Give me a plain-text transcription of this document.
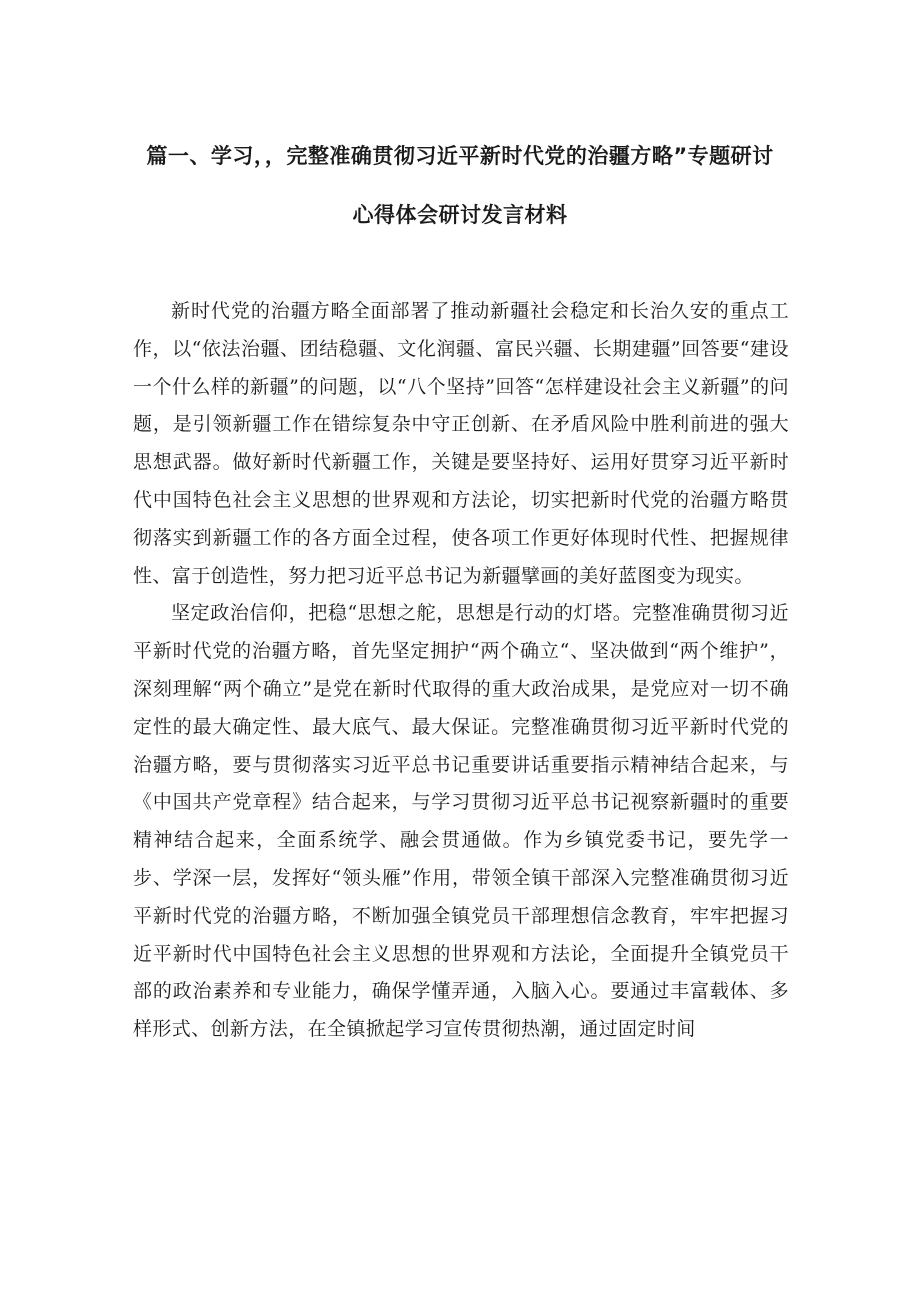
篇一、学习，，完整准确贯彻习近平新时代党的治疆方略”专题研讨
心得体会研讨发言材料

新时代党的治疆方略全面部署了推动新疆社会稳定和长治久安的重点工作，以“依法治疆、团结稳疆、文化润疆、富民兴疆、长期建疆”回答要“建设一个什么样的新疆”的问题，以“八个坚持”回答“怎样建设社会主义新疆”的问题，是引领新疆工作在错综复杂中守正创新、在矛盾风险中胜利前进的强大思想武器。做好新时代新疆工作，关键是要坚持好、运用好贯穿习近平新时代中国特色社会主义思想的世界观和方法论，切实把新时代党的治疆方略贯彻落实到新疆工作的各方面全过程，使各项工作更好体现时代性、把握规律性、富于创造性，努力把习近平总书记为新疆擘画的美好蓝图变为现实。

坚定政治信仰，把稳“思想之舵，思想是行动的灯塔。完整准确贯彻习近平新时代党的治疆方略，首先坚定拥护“两个确立“、坚决做到“两个维护”，深刻理解“两个确立”是党在新时代取得的重大政治成果，是党应对一切不确定性的最大确定性、最大底气、最大保证。完整准确贯彻习近平新时代党的治疆方略，要与贯彻落实习近平总书记重要讲话重要指示精神结合起来，与《中国共产党章程》结合起来，与学习贯彻习近平总书记视察新疆时的重要精神结合起来，全面系统学、融会贯通做。作为乡镇党委书记，要先学一步、学深一层，发挥好“领头雁”作用，带领全镇干部深入完整准确贯彻习近平新时代党的治疆方略，不断加强全镇党员干部理想信念教育，牢牢把握习近平新时代中国特色社会主义思想的世界观和方法论，全面提升全镇党员干部的政治素养和专业能力，确保学懂弄通，入脑入心。要通过丰富载体、多样形式、创新方法，在全镇掀起学习宣传贯彻热潮，通过固定时间
